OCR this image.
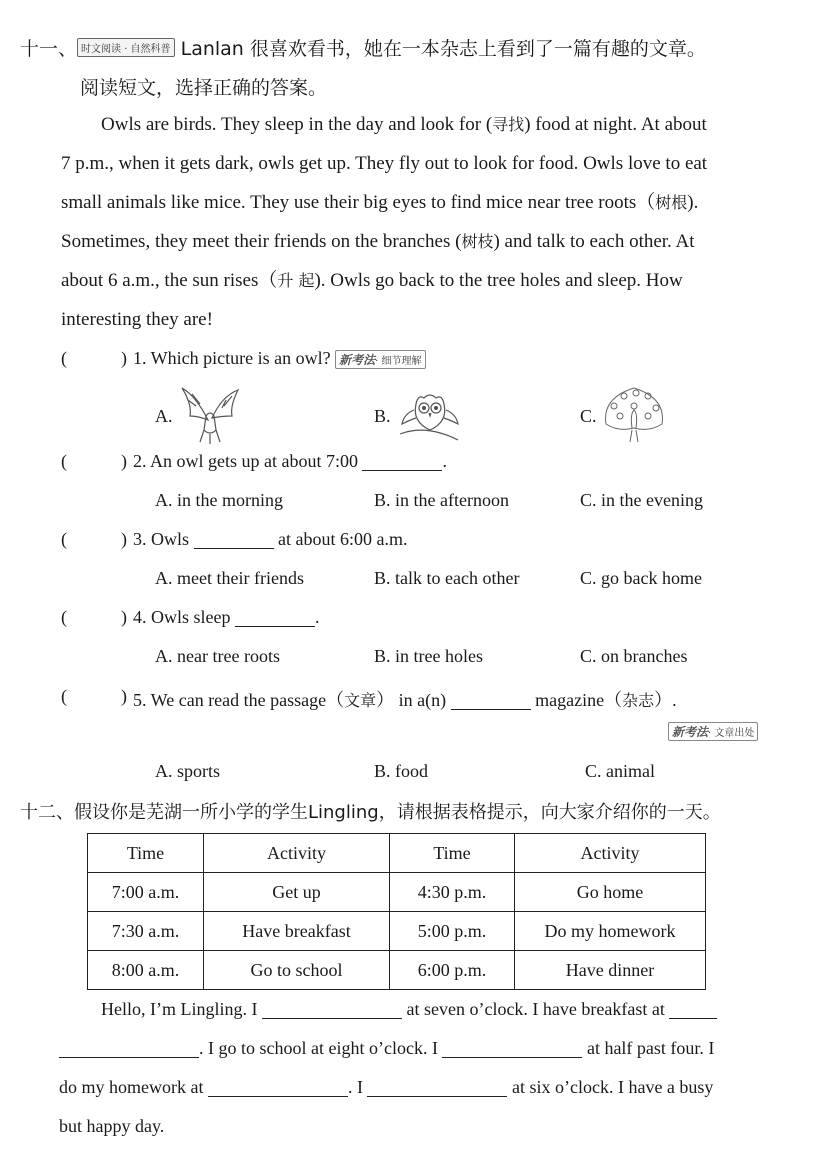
十一、 时文阅读 · 自然科普 Lanlan 很喜欢看书，她在一本杂志上看到了一篇有趣的文章。
阅读短文，选择正确的答案。
Owls are birds. They sleep in the day and look for (寻找) food at night. At about
7 p.m., when it gets dark, owls get up. They fly out to look for food. Owls love to eat
small animals like mice. They use their big eyes to find mice near tree roots（树根).
Sometimes, they meet their friends on the branches (树枝) and talk to each other. At
about 6 a.m., the sun rises（升 起). Owls go back to the tree holes and sleep. How
interesting they are!
(	) 1. Which picture is an owl? 新考法· 细节理解
A.	B.	C.
(	) 2. An owl gets up at about 7:00	.
A. in the morning	B. in the afternoon	C. in the evening
(	) 3. Owls	at about 6:00 a.m.
A. meet their friends	B. talk to each other	C. go back home
(	) 4. Owls sleep	.
A. near tree roots	B. in tree holes	C. on branches
(	) 5. We can read the passage（文章） in a(n)	magazine（杂志）.
新考法· 文章出处
A. sports	B. food	C. animal
十二、假设你是芜湖一所小学的学生Lingling，请根据表格提示，向大家介绍你的一天。
Time	Activity	Time	Activity
7:00 a.m.	Get up	4:30 p.m.	Go home
7:30 a.m.	Have breakfast	5:00 p.m.	Do my homework
8:00 a.m.	Go to school	6:00 p.m.	Have dinner
Hello, I’m Lingling. I	at seven o’clock. I have breakfast at
. I go to school at eight o’clock. I	at half past four. I
do my homework at	. I	at six o’clock. I have a busy
but happy day.
